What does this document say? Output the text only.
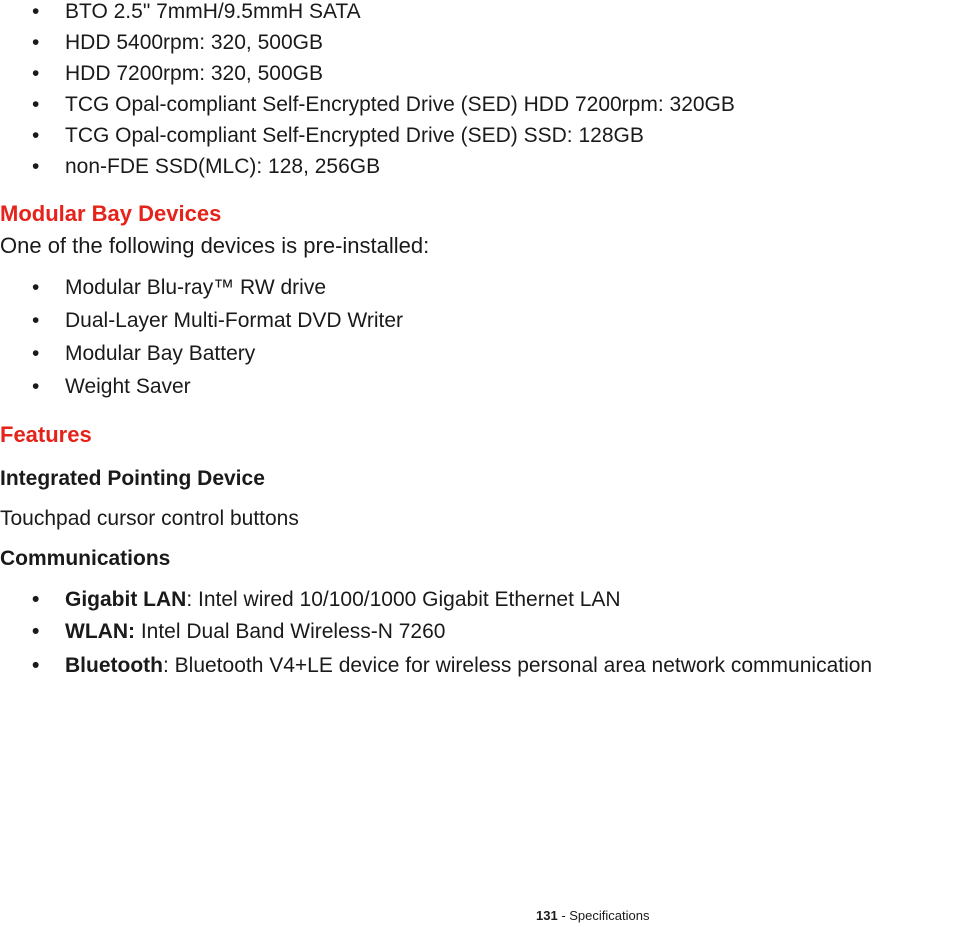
• BTO 2.5" 7mmH/9.5mmH SATA
• HDD 5400rpm: 320, 500GB
• HDD 7200rpm: 320, 500GB
• TCG Opal-compliant Self-Encrypted Drive (SED) HDD 7200rpm: 320GB
• TCG Opal-compliant Self-Encrypted Drive (SED) SSD: 128GB
• non-FDE SSD(MLC): 128, 256GB
Modular Bay Devices
One of the following devices is pre-installed:
• Modular Blu-ray™ RW drive
• Dual-Layer Multi-Format DVD Writer
• Modular Bay Battery
• Weight Saver
Features
Integrated Pointing Device
Touchpad cursor control buttons
Communications
• Gigabit LAN: Intel wired 10/100/1000 Gigabit Ethernet LAN
• WLAN: Intel Dual Band Wireless-N 7260
• Bluetooth: Bluetooth V4+LE device for wireless personal area network communication
131 - Specifications
